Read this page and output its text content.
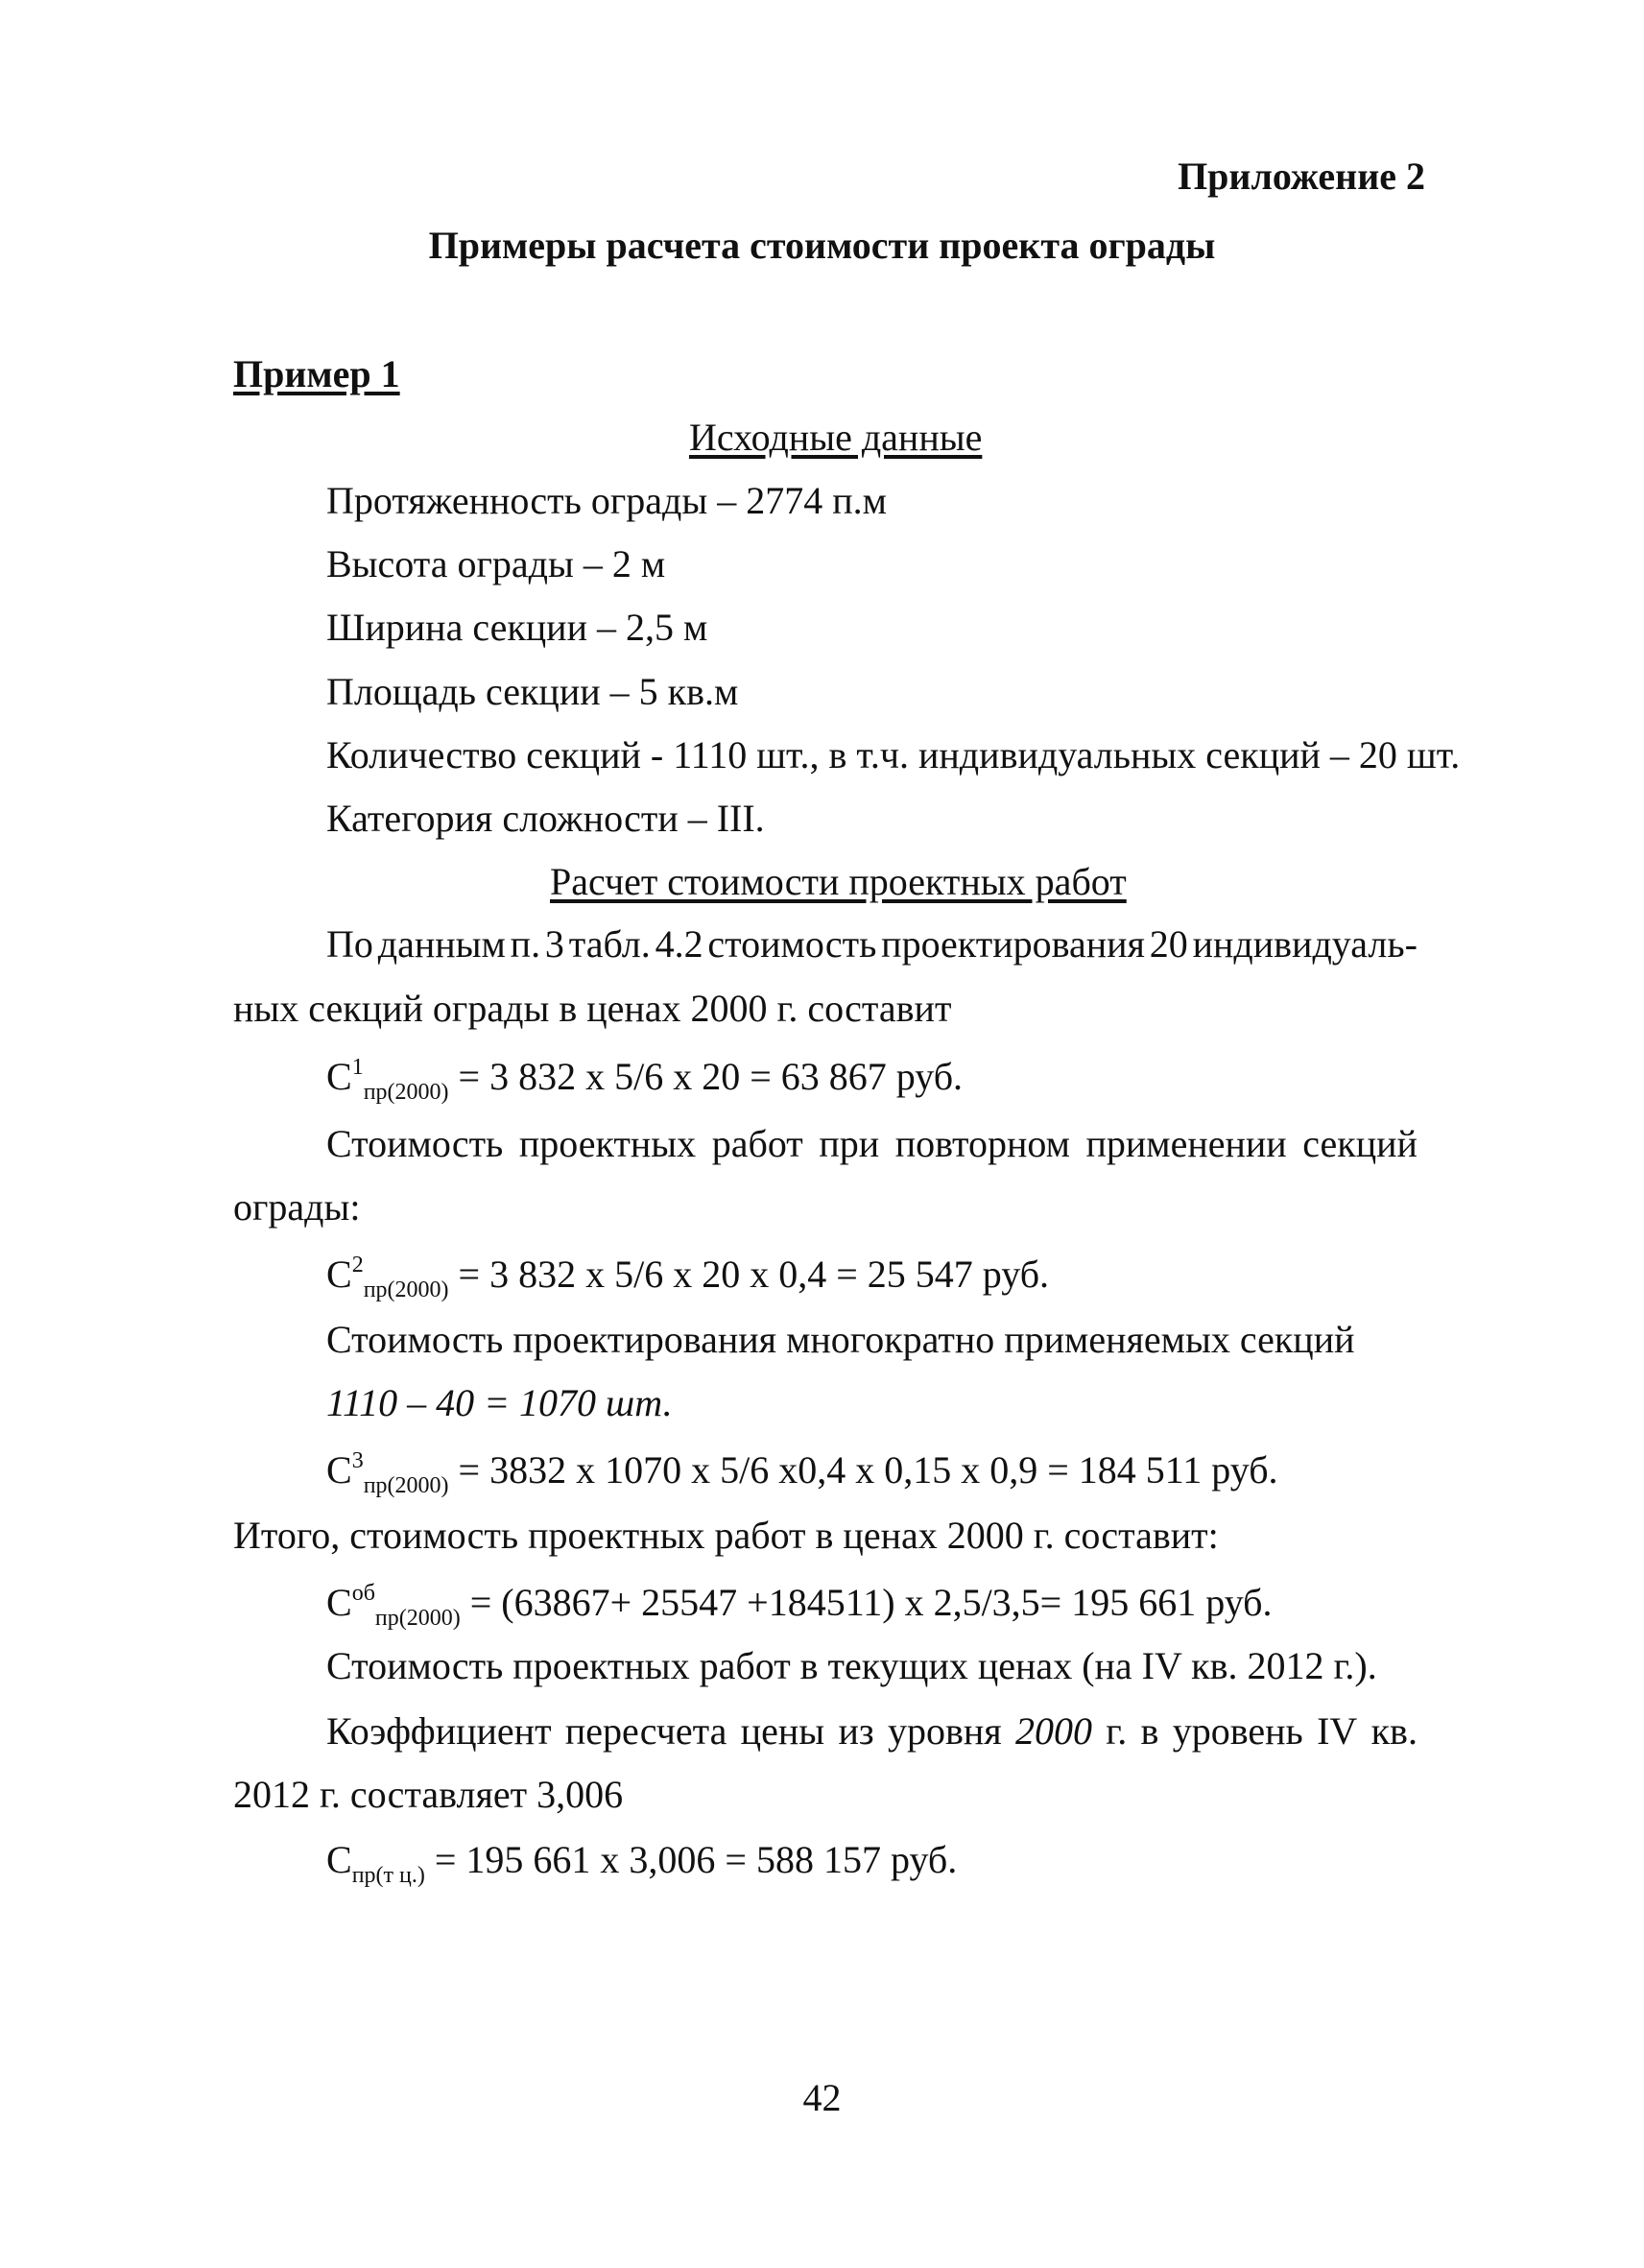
Приложение 2
Примеры расчета стоимости проекта ограды
Пример 1
Исходные данные
Протяженность ограды – 2774 п.м
Высота ограды – 2 м
Ширина секции – 2,5 м
Площадь секции – 5 кв.м
Количество секций - 1110 шт., в т.ч. индивидуальных секций – 20 шт.
Категория сложности – III.
Расчет стоимости проектных работ
По данным п. 3 табл. 4.2 стоимость проектирования 20 индивидуаль-
ных секций ограды в ценах 2000 г. составит
$С^1_{пр(2000)} = 3$ 832 х 5/6 х 20 = 63 867 руб.
Стоимость проектных работ при повторном применении секций
ограды:
$С^2_{пр(2000)} = 3$ 832 х 5/6 х 20 х 0,4 = 25 547 руб.
Стоимость проектирования многократно применяемых секций
1110 – 40 = 1070 шт.
$С^3_{пр(2000)} = 3832$ х 1070 х 5/6 х0,4 х 0,15 х 0,9 = 184 511 руб.
Итого, стоимость проектных работ в ценах 2000 г. составит:
$С^{об}_{пр(2000)} = (63867+ 25547 +184511)$ х 2,5/3,5= 195 661 руб.
Стоимость проектных работ в текущих ценах (на IV кв. 2012 г.).
Коэффициент пересчета цены из уровня 2000 г. в уровень IV кв.
2012 г. составляет 3,006
$С_{пр(т ц.)} = 195$ 661 х 3,006 = 588 157 руб.
42
